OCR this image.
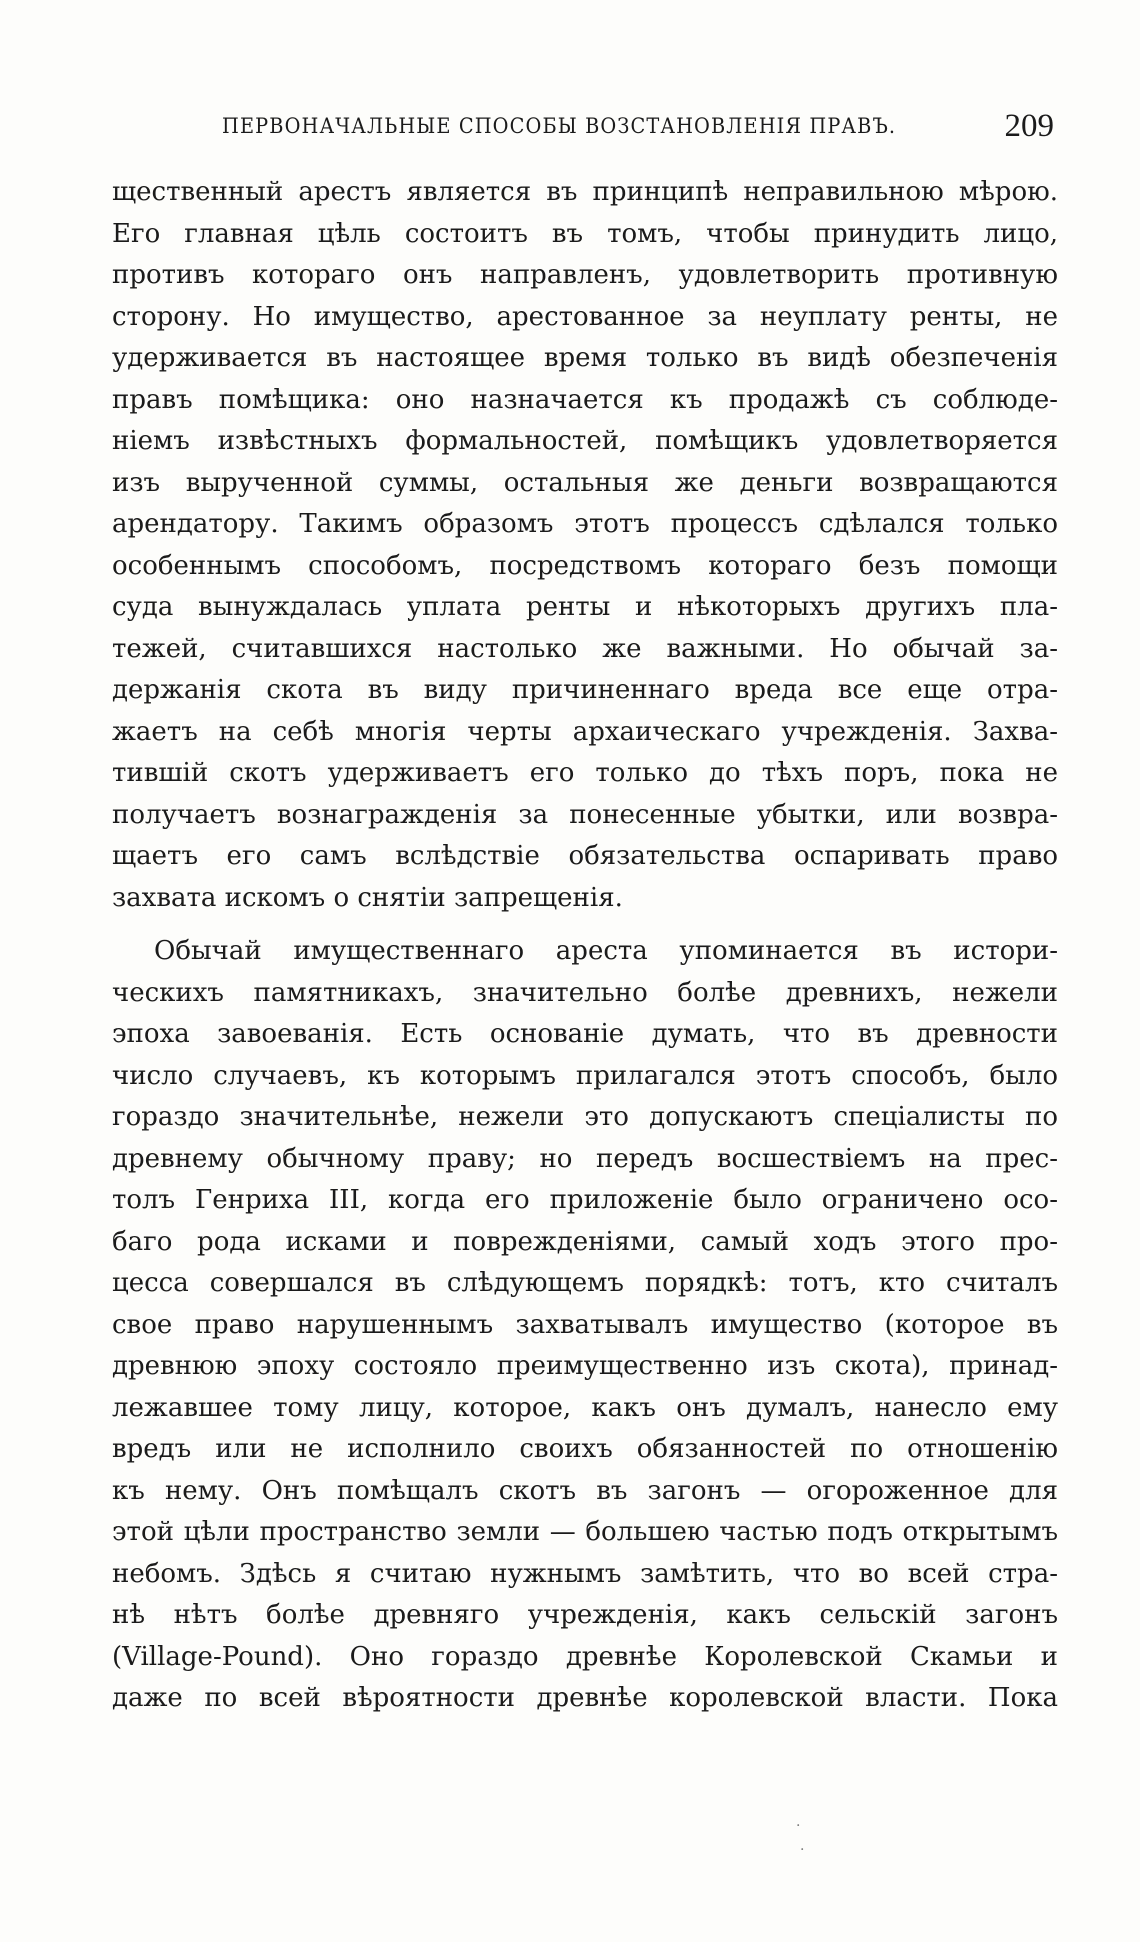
ПЕРВОНАЧАЛЬНЫЕ СПОСОБЫ ВОЗСТАНОВЛЕНІЯ ПРАВЪ.	209
щественный арестъ является въ принципѣ неправильною мѣрою.
Его главная цѣль состоитъ въ томъ, чтобы принудить лицо,
противъ котораго онъ направленъ, удовлетворить противную
сторону. Но имущество, арестованное за неуплату ренты, не
удерживается въ настоящее время только въ видѣ обезпеченія
правъ помѣщика: оно назначается къ продажѣ съ соблюде-
ніемъ извѣстныхъ формальностей, помѣщикъ удовлетворяется
изъ вырученной суммы, остальныя же деньги возвращаются
арендатору. Такимъ образомъ этотъ процессъ сдѣлался только
особеннымъ способомъ, посредствомъ котораго безъ помощи
суда вынуждалась уплата ренты и нѣкоторыхъ другихъ пла-
тежей, считавшихся настолько же важными. Но обычай за-
держанія скота въ виду причиненнаго вреда все еще отра-
жаетъ на себѣ многія черты архаическаго учрежденія. Захва-
тившій скотъ удерживаетъ его только до тѣхъ поръ, пока не
получаетъ вознагражденія за понесенные убытки, или возвра-
щаетъ его самъ вслѣдствіе обязательства оспаривать право
захвата искомъ о снятіи запрещенія.
Обычай имущественнаго ареста упоминается въ истори-
ческихъ памятникахъ, значительно болѣе древнихъ, нежели
эпоха завоеванія. Есть основаніе думать, что въ древности
число случаевъ, къ которымъ прилагался этотъ способъ, было
гораздо значительнѣе, нежели это допускаютъ спеціалисты по
древнему обычному праву; но передъ восшествіемъ на прес-
толъ Генриха III, когда его приложеніе было ограничено осо-
баго рода исками и поврежденіями, самый ходъ этого про-
цесса совершался въ слѣдующемъ порядкѣ: тотъ, кто считалъ
свое право нарушеннымъ захватывалъ имущество (которое въ
древнюю эпоху состояло преимущественно изъ скота), принад-
лежавшее тому лицу, которое, какъ онъ думалъ, нанесло ему
вредъ или не исполнило своихъ обязанностей по отношенію
къ нему. Онъ помѣщалъ скотъ въ загонъ — огороженное для
этой цѣли пространство земли — большею частью подъ открытымъ
небомъ. Здѣсь я считаю нужнымъ замѣтить, что во всей стра-
нѣ нѣтъ болѣе древняго учрежденія, какъ сельскій загонъ
(Village-Pound). Оно гораздо древнѣе Королевской Скамьи и
даже по всей вѣроятности древнѣе королевской власти. Пока
·
·
